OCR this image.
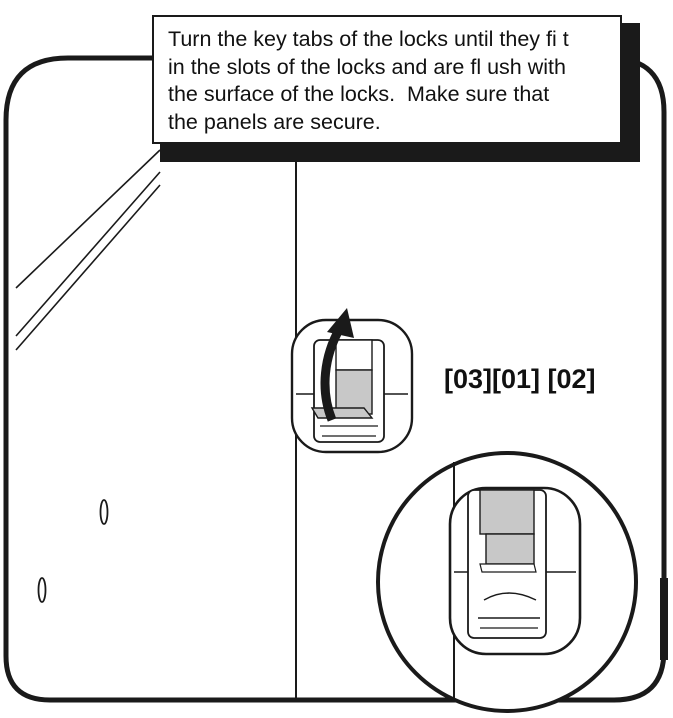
Turn the key tabs of the locks until they fi t
in the slots of the locks and are fl ush with
the surface of the locks.  Make sure that
the panels are secure.
[03][01] [02]
